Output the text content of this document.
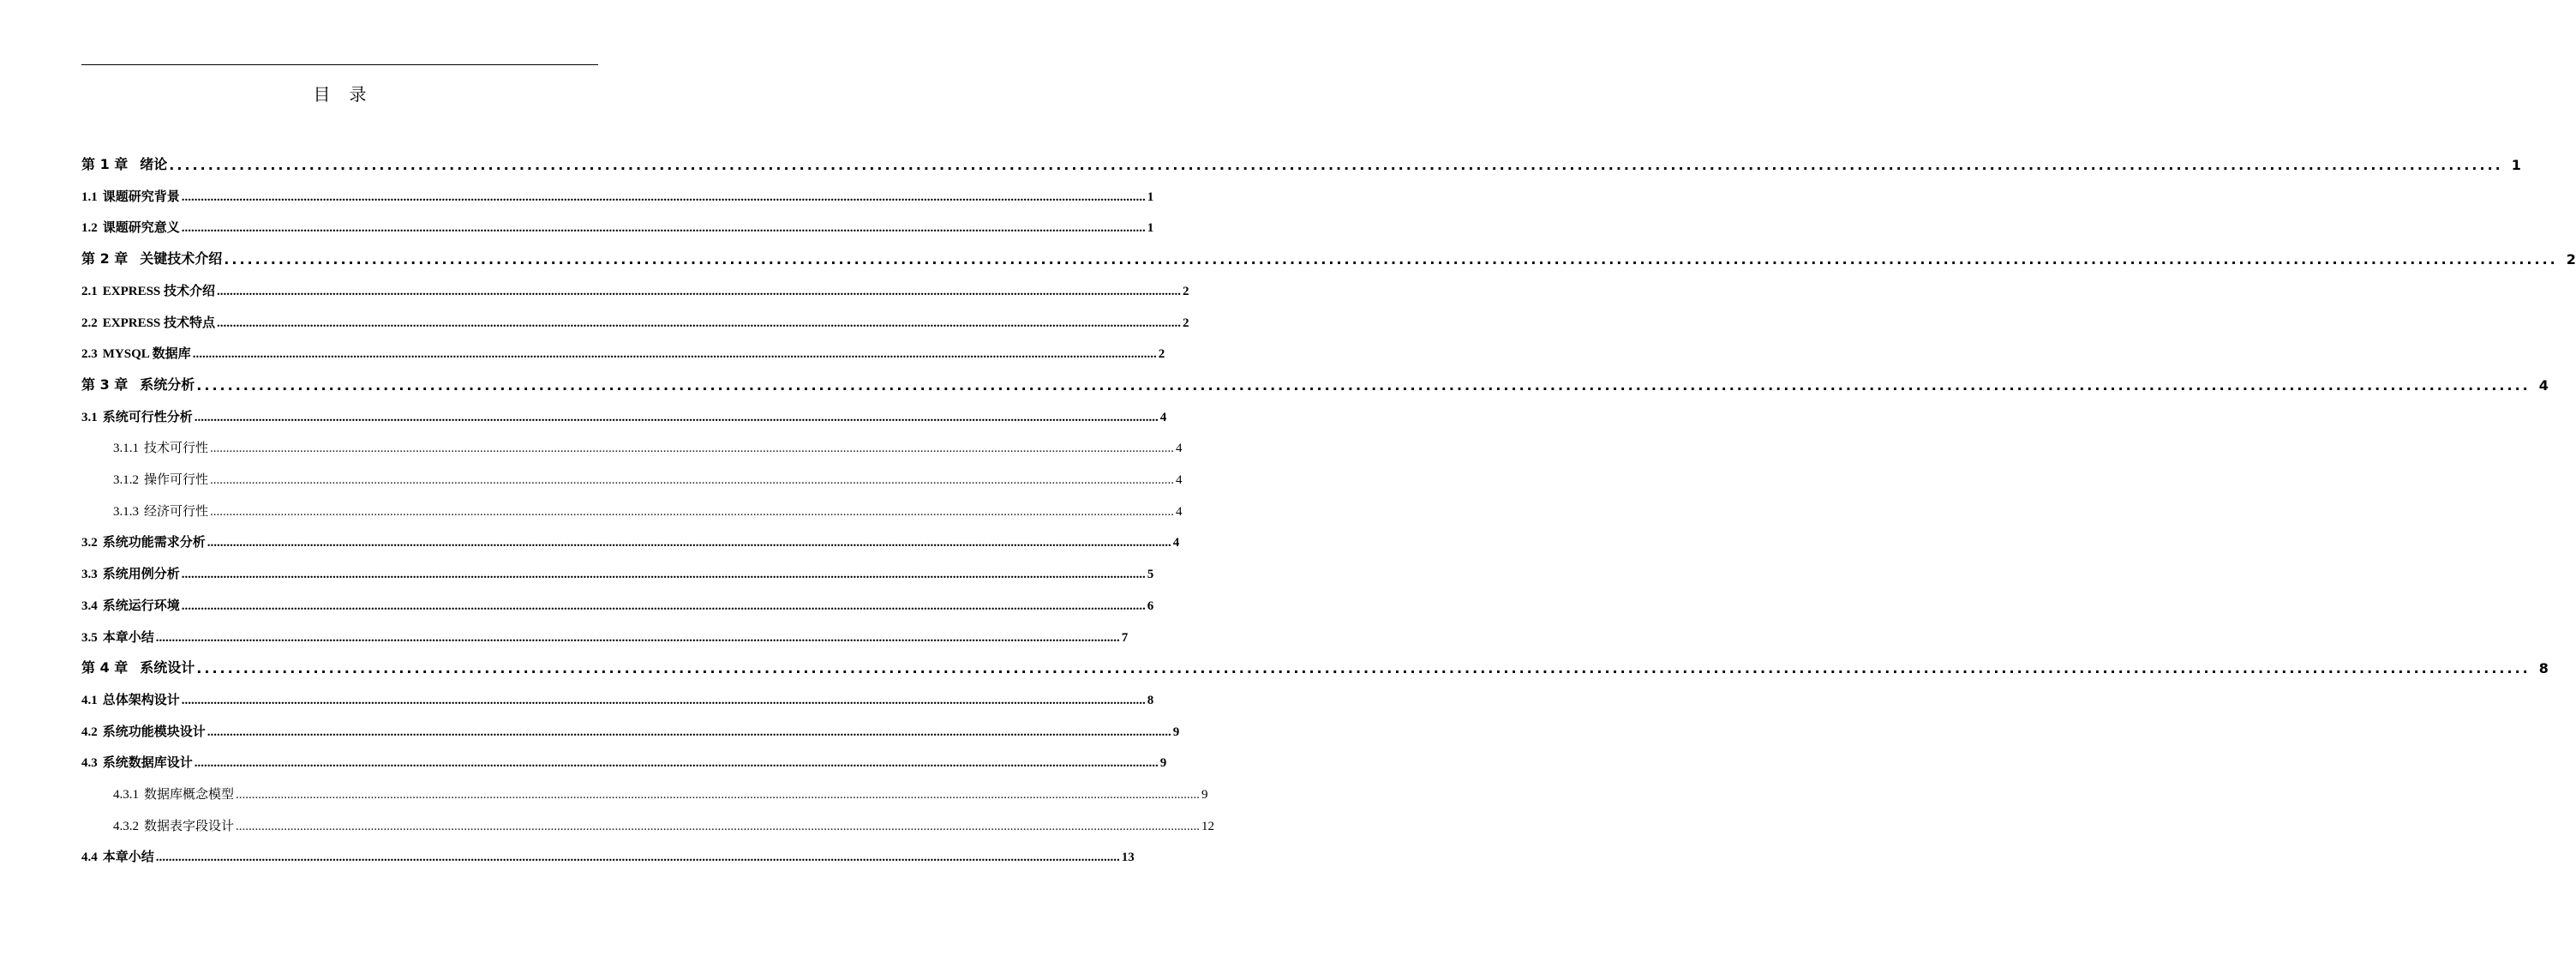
目录
第 1 章 绪论 ............................................................................................................................................................................................................................................................................................................ 1
1.1 课题研究背景 ............................................................................................................................................................................................................................................................................................................ 1
1.2 课题研究意义 ............................................................................................................................................................................................................................................................................................................ 1
第 2 章 关键技术介绍 ............................................................................................................................................................................................................................................................................................................ 2
2.1 EXPRESS 技术介绍 ............................................................................................................................................................................................................................................................................................................ 2
2.2 EXPRESS 技术特点 ............................................................................................................................................................................................................................................................................................................ 2
2.3 MYSQL 数据库 ............................................................................................................................................................................................................................................................................................................ 2
第 3 章 系统分析 ............................................................................................................................................................................................................................................................................................................ 4
3.1 系统可行性分析 ............................................................................................................................................................................................................................................................................................................ 4
3.1.1 技术可行性 ............................................................................................................................................................................................................................................................................................................ 4
3.1.2 操作可行性 ............................................................................................................................................................................................................................................................................................................ 4
3.1.3 经济可行性 ............................................................................................................................................................................................................................................................................................................ 4
3.2 系统功能需求分析 ............................................................................................................................................................................................................................................................................................................ 4
3.3 系统用例分析 ............................................................................................................................................................................................................................................................................................................ 5
3.4 系统运行环境 ............................................................................................................................................................................................................................................................................................................ 6
3.5 本章小结 ............................................................................................................................................................................................................................................................................................................ 7
第 4 章 系统设计 ............................................................................................................................................................................................................................................................................................................ 8
4.1 总体架构设计 ............................................................................................................................................................................................................................................................................................................ 8
4.2 系统功能模块设计 ............................................................................................................................................................................................................................................................................................................ 9
4.3 系统数据库设计 ............................................................................................................................................................................................................................................................................................................ 9
4.3.1 数据库概念模型 ............................................................................................................................................................................................................................................................................................................ 9
4.3.2 数据表字段设计 ............................................................................................................................................................................................................................................................................................................ 12
4.4 本章小结 ............................................................................................................................................................................................................................................................................................................ 13
